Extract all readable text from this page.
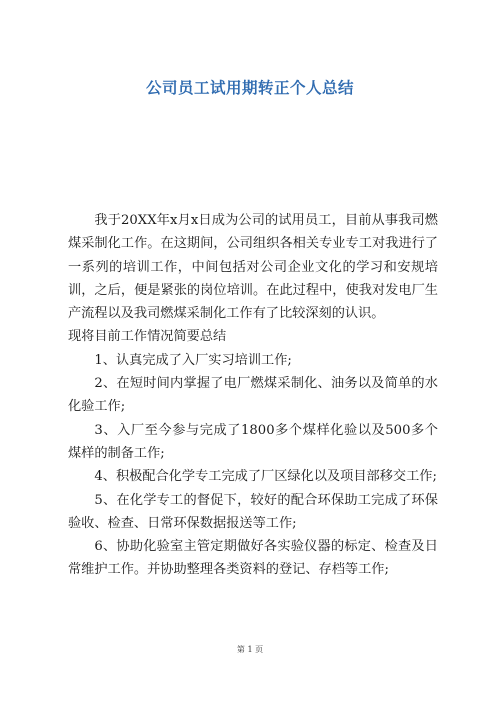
公司员工试用期转正个人总结

我于20XX年x月x日成为公司的试用员工，目前从事我司燃煤采制化工作。在这期间，公司组织各相关专业专工对我进行了一系列的培训工作，中间包括对公司企业文化的学习和安规培训，之后，便是紧张的岗位培训。在此过程中，使我对发电厂生产流程以及我司燃煤采制化工作有了比较深刻的认识。

现将目前工作情况简要总结

1、认真完成了入厂实习培训工作;

2、在短时间内掌握了电厂燃煤采制化、油务以及简单的水化验工作;

3、入厂至今参与完成了1800多个煤样化验以及500多个煤样的制备工作;

4、积极配合化学专工完成了厂区绿化以及项目部移交工作;

5、在化学专工的督促下，较好的配合环保助工完成了环保验收、检查、日常环保数据报送等工作;

6、协助化验室主管定期做好各实验仪器的标定、检查及日常维护工作。并协助整理各类资料的登记、存档等工作;

第 1 页
